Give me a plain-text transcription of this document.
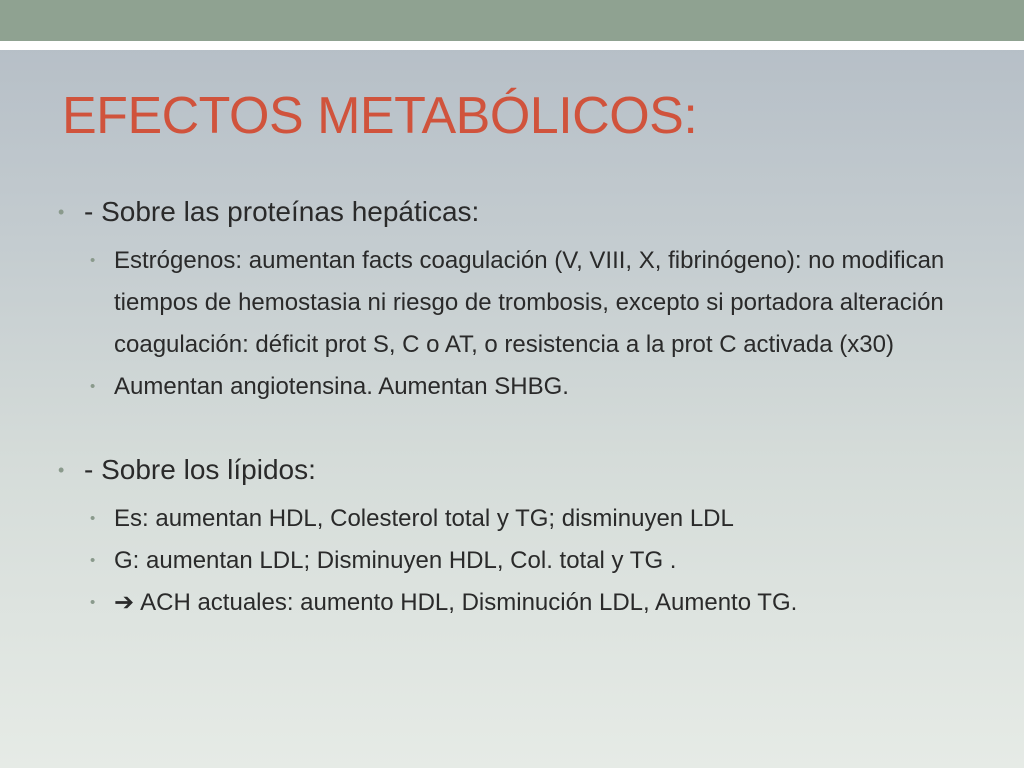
EFECTOS METABÓLICOS:
• - Sobre las proteínas hepáticas:
• Estrógenos: aumentan facts coagulación (V, VIII, X, fibrinógeno): no modifican tiempos de hemostasia ni riesgo de trombosis, excepto si portadora alteración coagulación: déficit prot S, C o AT, o resistencia a la prot C activada (x30)
• Aumentan angiotensina. Aumentan SHBG.
• - Sobre los lípidos:
• Es: aumentan HDL, Colesterol total y TG; disminuyen LDL
• G: aumentan LDL; Disminuyen HDL, Col. total y TG .
• ➔ ACH actuales: aumento HDL, Disminución LDL, Aumento TG.
